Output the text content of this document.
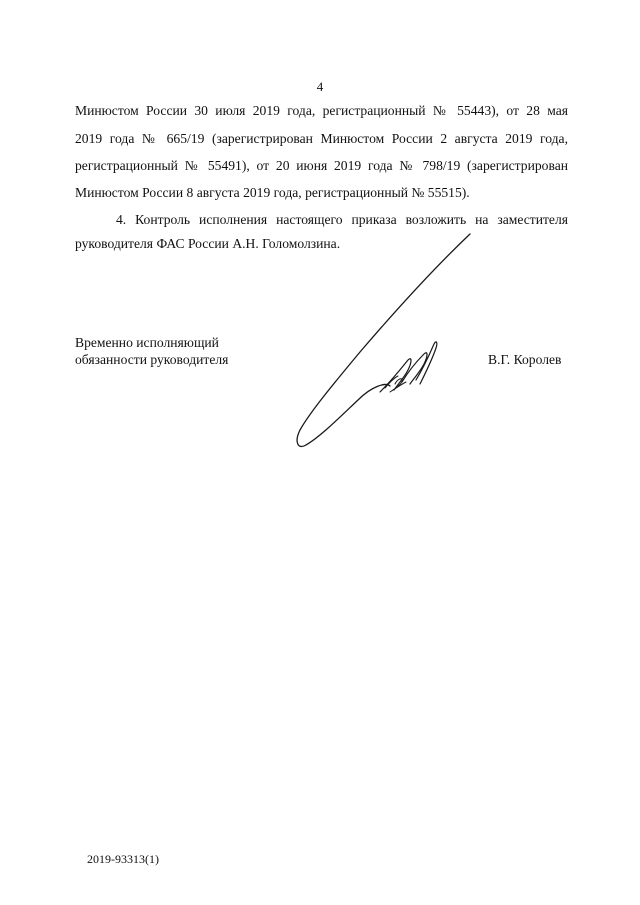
4
Минюстом России 30 июля 2019 года, регистрационный № 55443), от 28 мая
2019 года № 665/19 (зарегистрирован Минюстом России 2 августа 2019 года,
регистрационный № 55491), от 20 июня 2019 года № 798/19 (зарегистрирован
Минюстом России 8 августа 2019 года, регистрационный № 55515).
4. Контроль исполнения настоящего приказа возложить на заместителя
руководителя ФАС России А.Н. Голомолзина.
Временно исполняющий
обязанности руководителя	В.Г. Королев
2019-93313(1)
